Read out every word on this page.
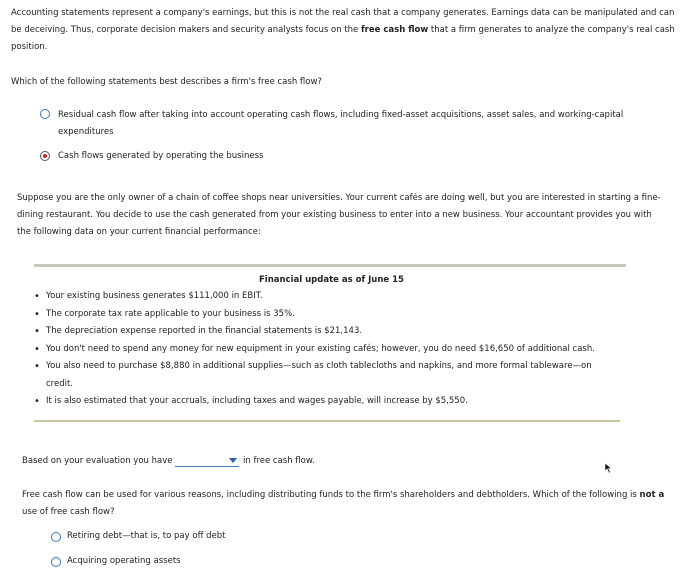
Accounting statements represent a company's earnings, but this is not the real cash that a company generates. Earnings data can be manipulated and can be deceiving. Thus, corporate decision makers and security analysts focus on the free cash flow that a firm generates to analyze the company's real cash position.
Which of the following statements best describes a firm's free cash flow?
Residual cash flow after taking into account operating cash flows, including fixed-asset acquisitions, asset sales, and working-capital expenditures
Cash flows generated by operating the business
Suppose you are the only owner of a chain of coffee shops near universities. Your current cafés are doing well, but you are interested in starting a fine-dining restaurant. You decide to use the cash generated from your existing business to enter into a new business. Your accountant provides you with the following data on your current financial performance:
Financial update as of June 15
• Your existing business generates $111,000 in EBIT.
• The corporate tax rate applicable to your business is 35%.
• The depreciation expense reported in the financial statements is $21,143.
• You don't need to spend any money for new equipment in your existing cafés; however, you do need $16,650 of additional cash.
• You also need to purchase $8,880 in additional supplies—such as cloth tablecloths and napkins, and more formal tableware—on credit.
• It is also estimated that your accruals, including taxes and wages payable, will increase by $5,550.
Based on your evaluation you have	in free cash flow.
Free cash flow can be used for various reasons, including distributing funds to the firm's shareholders and debtholders. Which of the following is not a use of free cash flow?
Retiring debt—that is, to pay off debt
Acquiring operating assets
